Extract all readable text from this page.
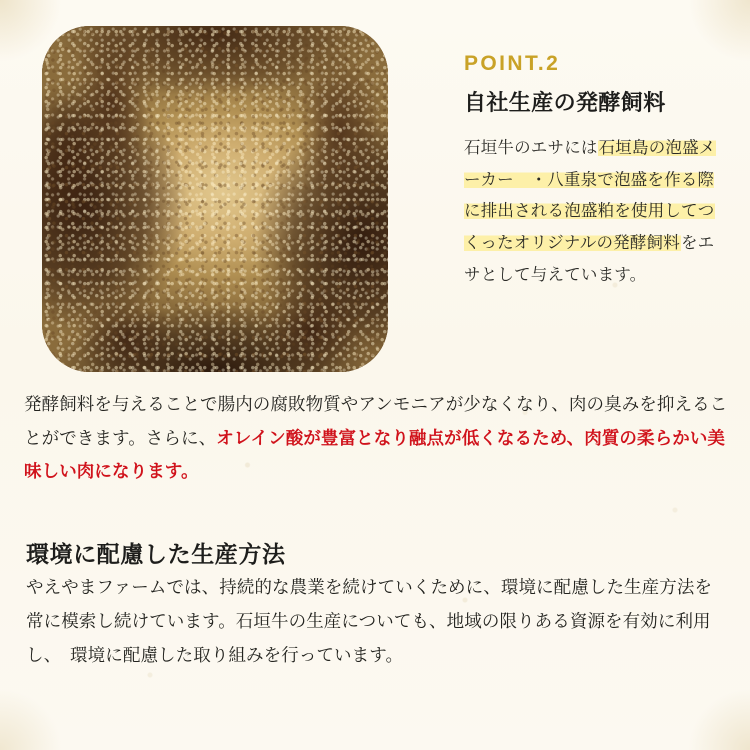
POINT.2
自社生産の発酵飼料
石垣牛のエサには石垣島の泡盛メーカー　・八重泉で泡盛を作る際に排出される泡盛粕を使用してつくったオリジナルの発酵飼料をエサとして与えています。
発酵飼料を与えることで腸内の腐敗物質やアンモニアが少なくなり、肉の臭みを抑えることができます。さらに、オレイン酸が豊富となり融点が低くなるため、肉質の柔らかい美味しい肉になります。
環境に配慮した生産方法
やえやまファームでは、持続的な農業を続けていくために、環境に配慮した生産方法を常に模索し続けています。石垣牛の生産についても、地域の限りある資源を有効に利用し、　環境に配慮した取り組みを行っています。
